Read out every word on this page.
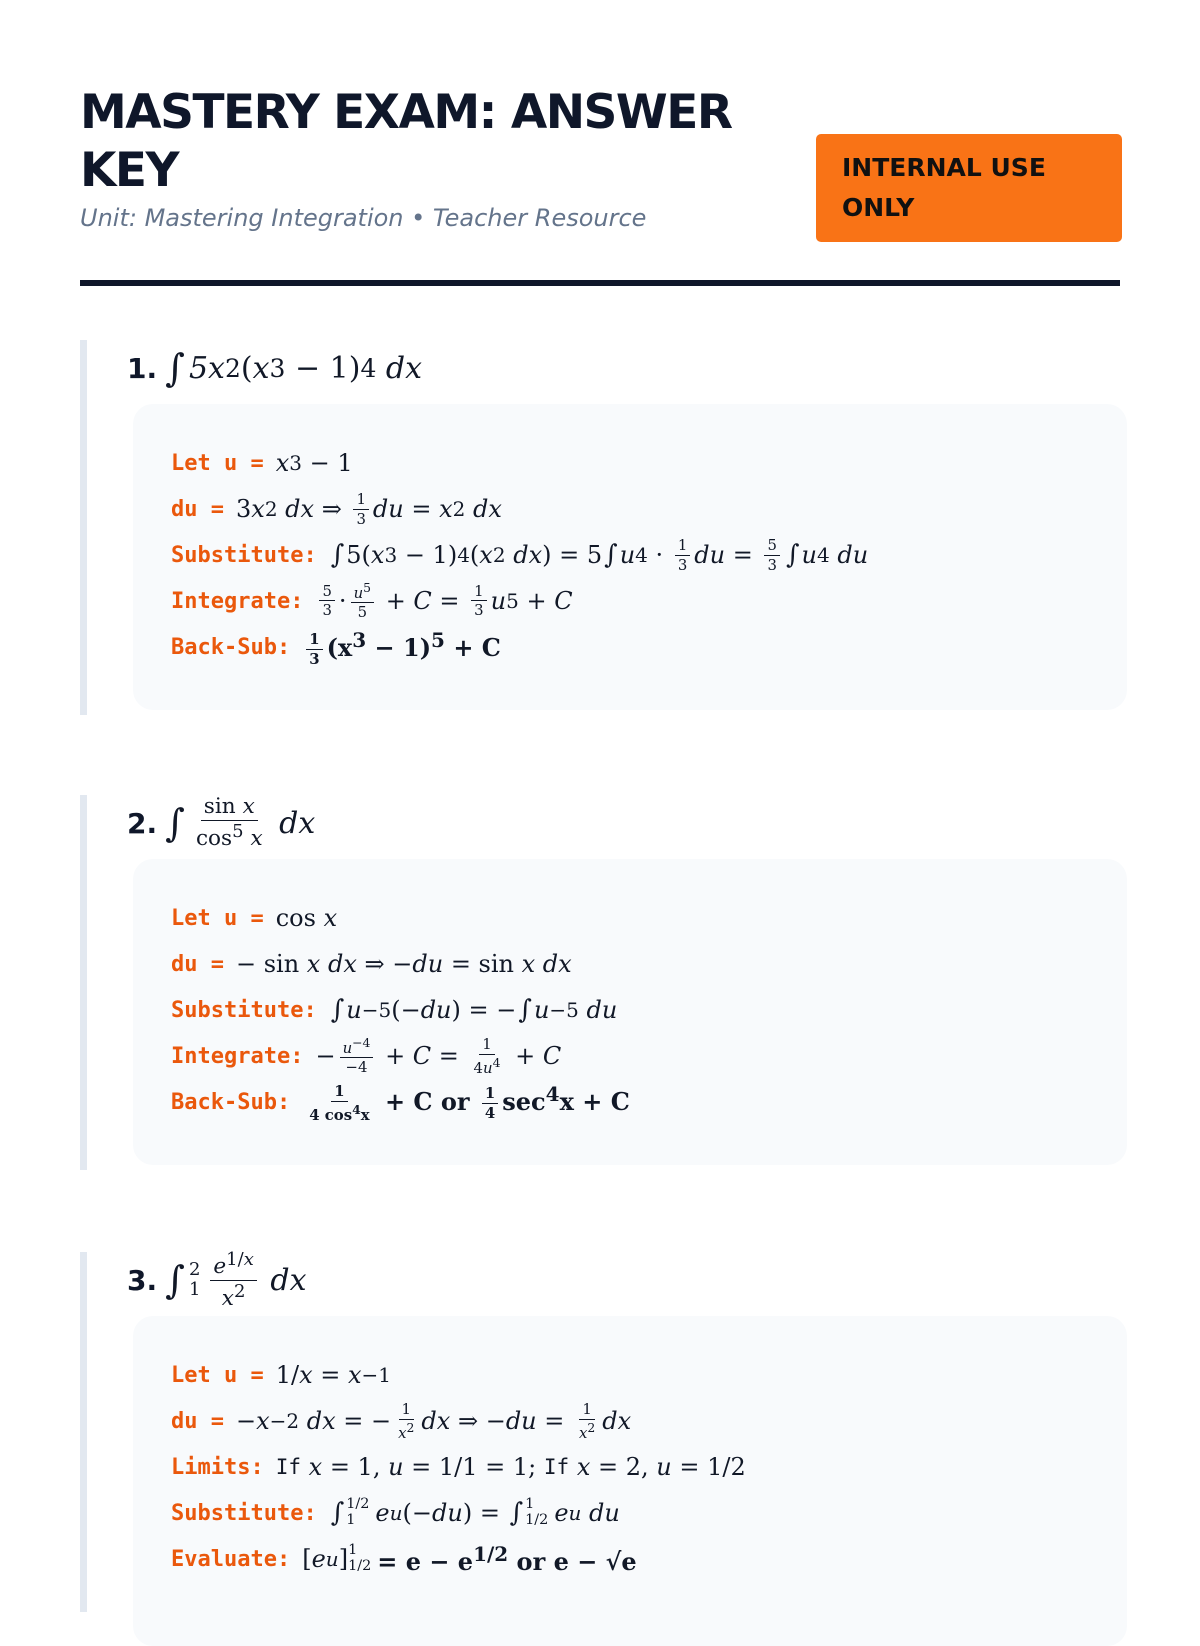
MASTERY EXAM: ANSWER KEY
Unit: Mastering Integration • Teacher Resource
INTERNAL USE ONLY
1. ∫ 5x 2 ( x 3
−
1) 4 dx
Let u = x 3
− 1
du = 3 x 2 dx ⇒
$\frac{1}{3}$ du = x 2 dx
Substitute: ∫ 5( x 3
− 1) 4 ( x 2 dx )
= 5 ∫ u 4
·
$\frac{1}{3}$ du =
$\frac{5}{3}$ ∫ u 4 du
Integrate: $\frac{5}{3} \cdot \frac{u^5}{5}$
+ C =
$\frac{1}{3}$ u 5
+ C
Back-Sub: $\frac{1}{3} (x^3 - 1)^5 + C$
2. ∫ $\frac{\text{sin x}}{\cos^5 x}$ dx
Let u = cos x
du = − sin x dx ⇒ − du = sin x dx
Substitute: ∫ u −5 (− du )
= − ∫ u −5 du
Integrate: − $\frac{u^{-4}}{-4}$
+ C =
$\frac{1}{4u^4}$
+ C
Back-Sub: $\frac{1}{4 \cos^4x} + C$ or $\frac{1}{4} \sec^4x + C$
3. ∫ 2
$1 \frac{e^{1/x}}{x^2}$ dx
Let u = 1/ x = x −1
du = − x −2 dx = − $\frac{1}{x^2}$ dx ⇒ − du =
$\frac{1}{x^2}$ dx
Limits: If x = 1, u = 1/1 = 1;
If x = 2, u = 1/2
Substitute: ∫ 1/2
1 e u (− du )
=
∫ 1
1/2 e u du
Evaluate: [ e u ] 1
$1/2 = e - e^{1/2}$ or e − √e
